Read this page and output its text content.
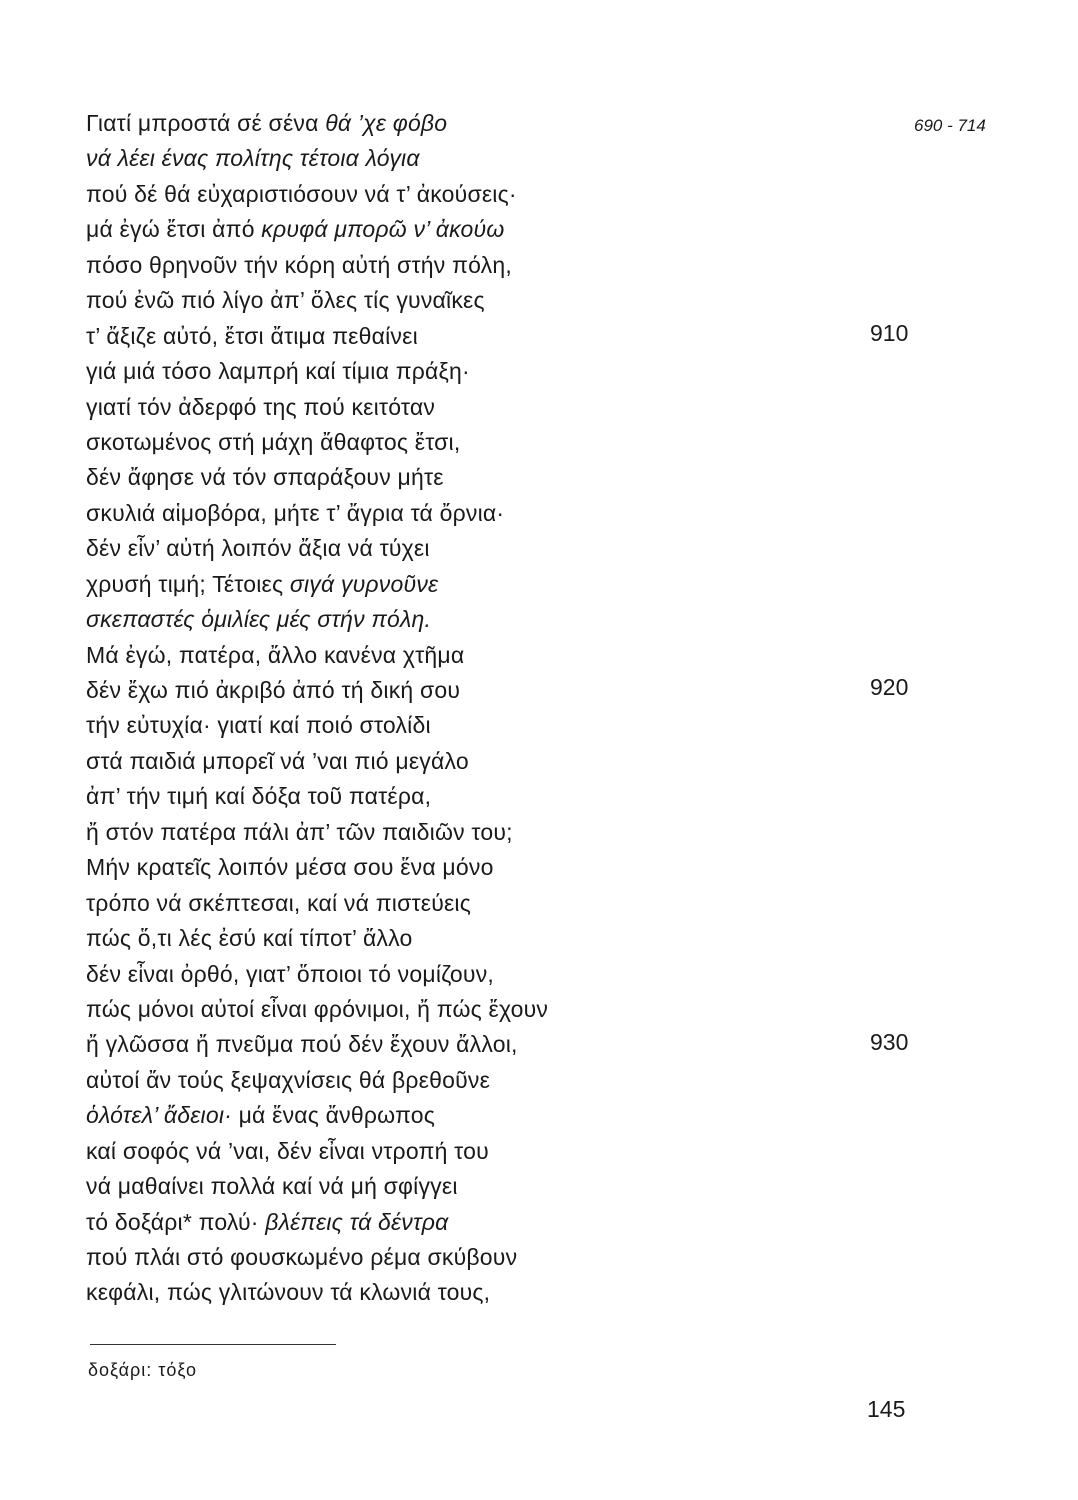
690 - 714
Γιατί μπροστά σέ σένα θά ’χε φόβο
νά λέει ένας πολίτης τέτοια λόγια
πού δέ θά εὐχαριστιόσουν νά τ’ ἀκούσεις·
μά ἐγώ ἔτσι ἀπό κρυφά μπορῶ ν’ ἀκούω
πόσο θρηνοῦν τήν κόρη αὐτή στήν πόλη,
πού ἐνῶ πιό λίγο ἀπ’ ὅλες τίς γυναῖκες
τ’ ἄξιζε αὐτό, ἔτσι ἄτιμα πεθαίνει
γιά μιά τόσο λαμπρή καί τίμια πράξη·
γιατί τόν ἀδερφό της πού κειτόταν
σκοτωμένος στή μάχη ἄθαφτος ἔτσι,
δέν ἄφησε νά τόν σπαράξουν μήτε
σκυλιά αἱμοβόρα, μήτε τ’ ἄγρια τά ὄρνια·
δέν εἶν’ αὐτή λοιπόν ἄξια νά τύχει
χρυσή τιμή; Τέτοιες σιγά γυρνοῦνε
σκεπαστές ὁμιλίες μές στήν πόλη.
Μά ἐγώ, πατέρα, ἄλλο κανένα χτῆμα
δέν ἔχω πιό ἀκριβό ἀπό τή δική σου
τήν εὐτυχία· γιατί καί ποιό στολίδι
στά παιδιά μπορεῖ νά ’ναι πιό μεγάλο
ἀπ’ τήν τιμή καί δόξα τοῦ πατέρα,
ἤ στόν πατέρα πάλι ἀπ’ τῶν παιδιῶν του;
Μήν κρατεῖς λοιπόν μέσα σου ἕνα μόνο
τρόπο νά σκέπτεσαι, καί νά πιστεύεις
πώς ὅ,τι λές ἐσύ καί τίποτ’ ἄλλο
δέν εἶναι ὀρθό, γιατ’ ὅποιοι τό νομίζουν,
πώς μόνοι αὐτοί εἶναι φρόνιμοι, ἤ πώς ἔχουν
ἤ γλῶσσα ἤ πνεῦμα πού δέν ἔχουν ἄλλοι,
αὐτοί ἄν τούς ξεψαχνίσεις θά βρεθοῦνε
ὁλότελ’ ἄδειοι· μά ἕνας ἄνθρωπος
καί σοφός νά ’ναι, δέν εἶναι ντροπή του
νά μαθαίνει πολλά καί νά μή σφίγγει
τό δοξάρι* πολύ· βλέπεις τά δέντρα
πού πλάι στό φουσκωμένο ρέμα σκύβουν
κεφάλι, πώς γλιτώνουν τά κλωνιά τους,
910
920
930
δοξάρι: τόξο
145
